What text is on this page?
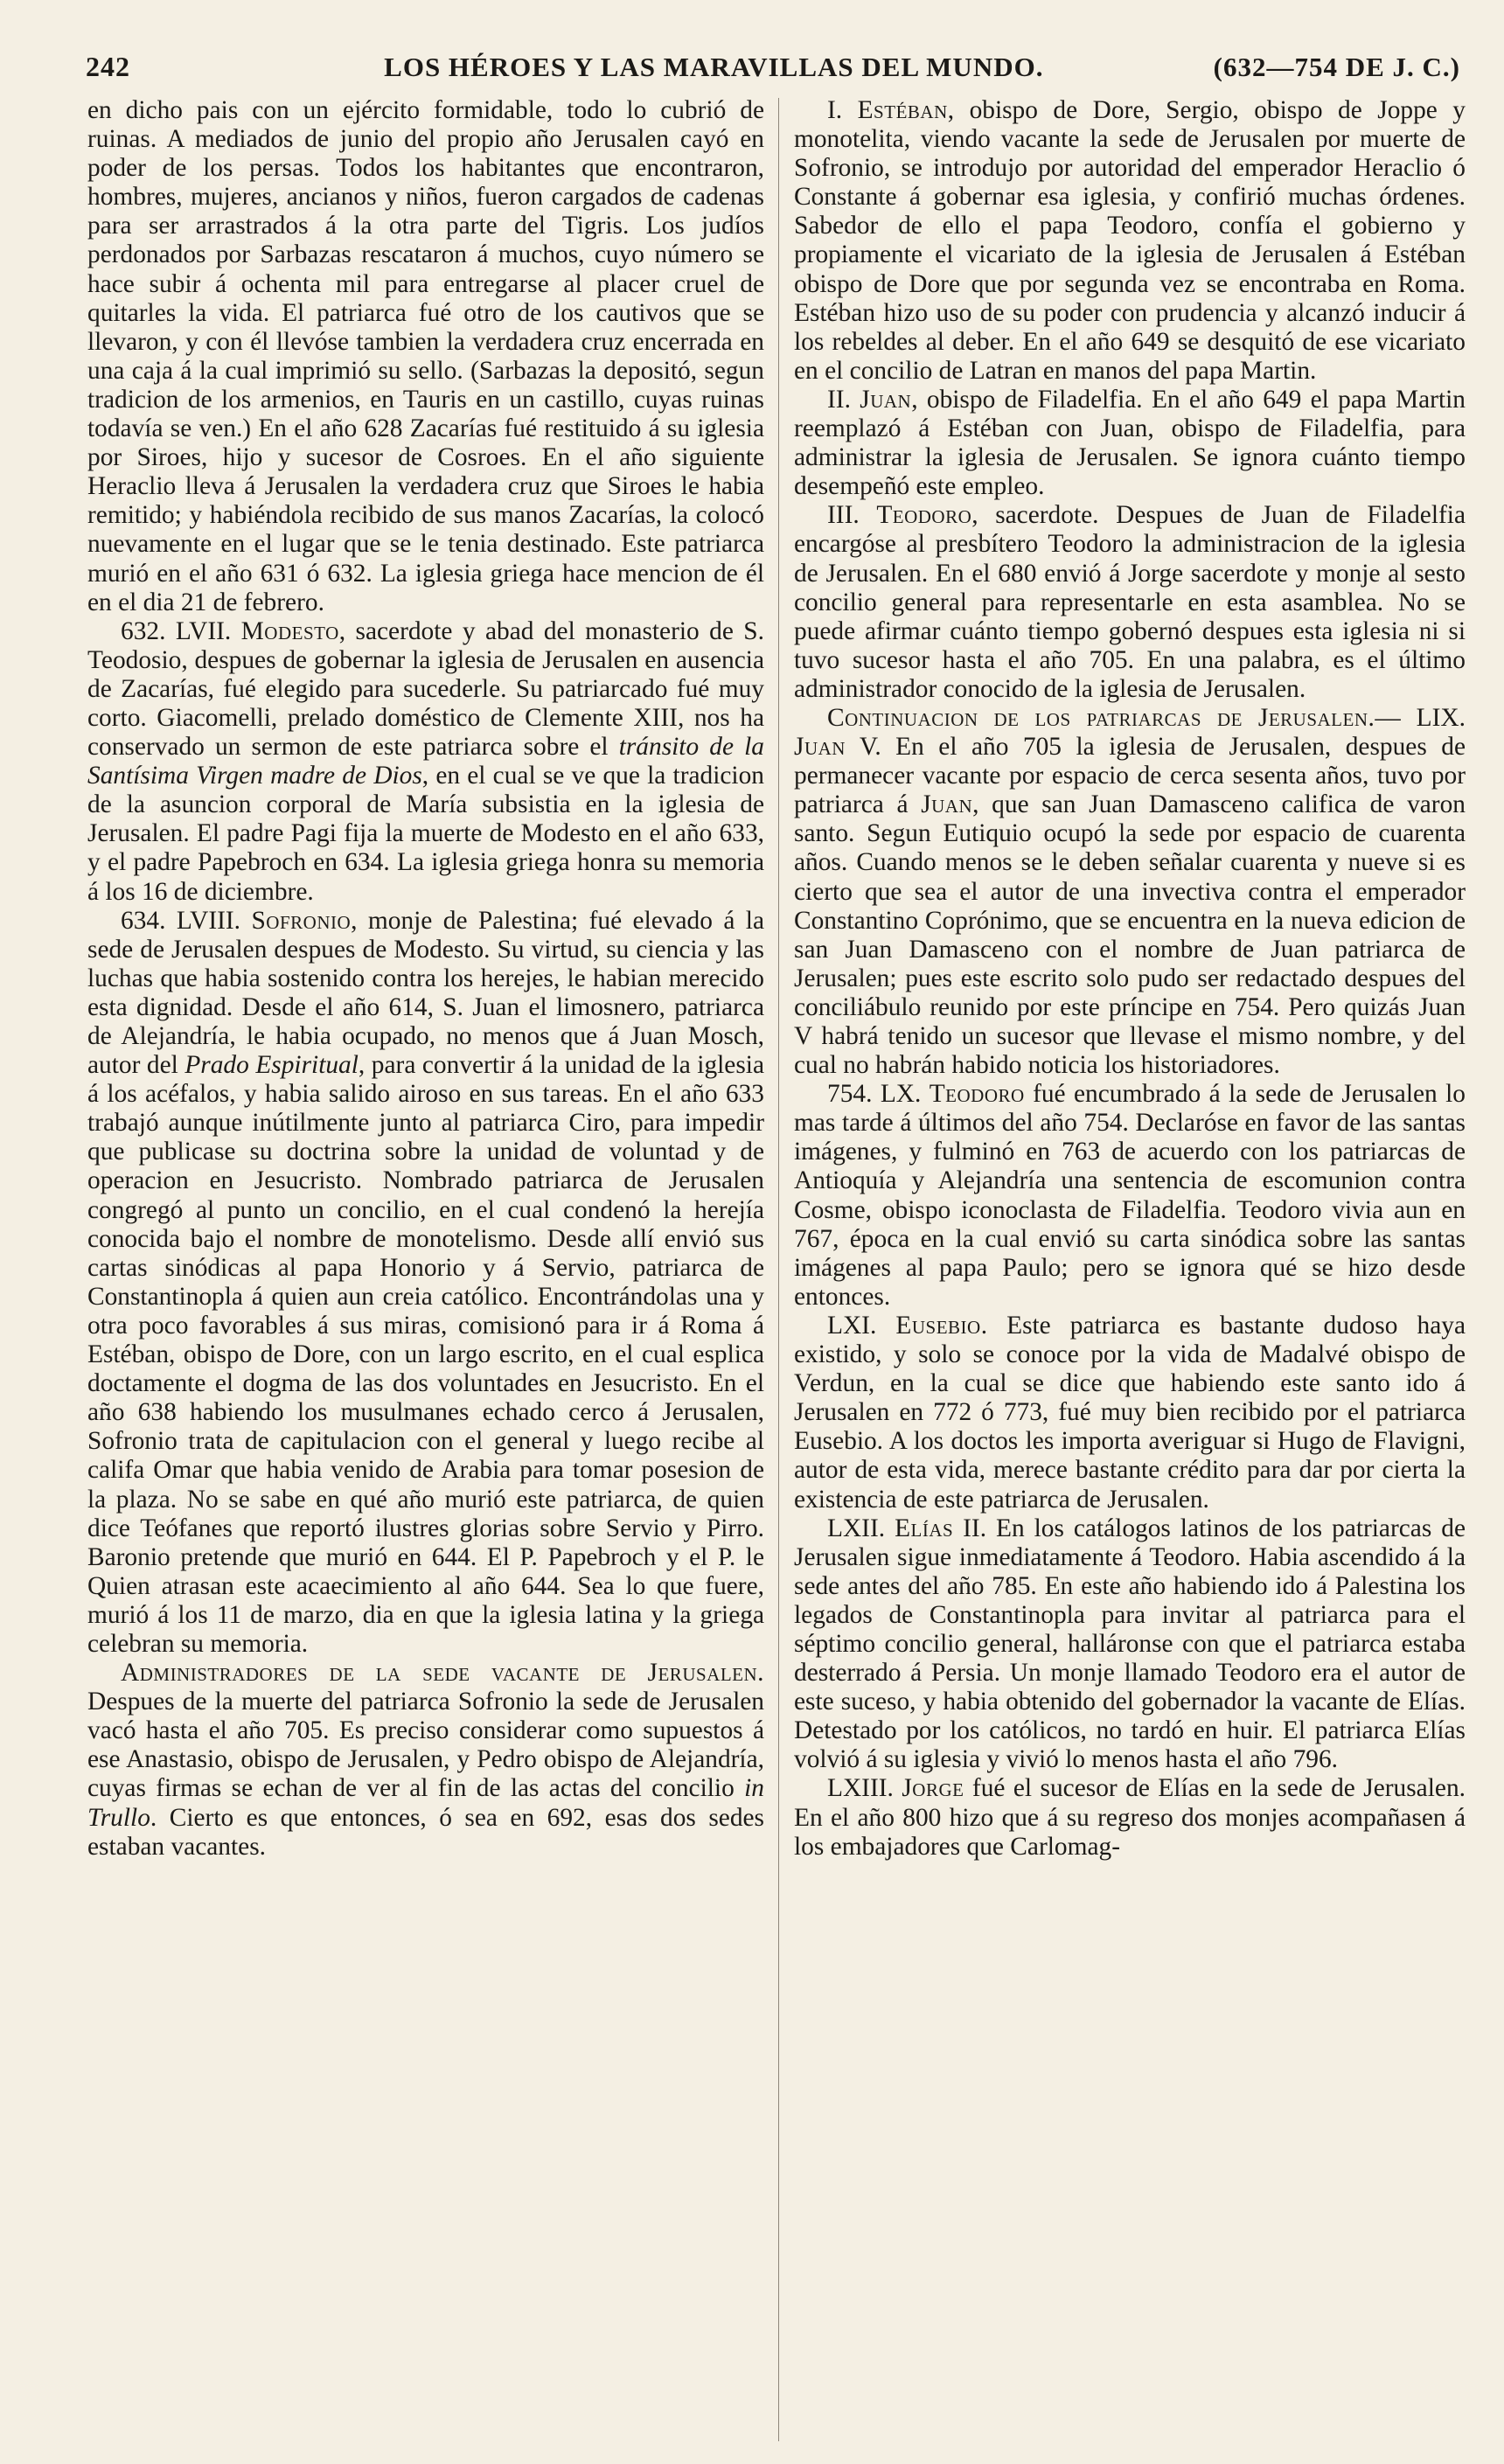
242	LOS HÉROES Y LAS MARAVILLAS DEL MUNDO.	(632—754 DE J. C.)

en dicho pais con un ejército formidable, todo lo cubrió de ruinas. A mediados de junio del propio año Jerusalen cayó en poder de los persas. Todos los habitantes que encontraron, hombres, mujeres, ancianos y niños, fueron cargados de cadenas para ser arrastrados á la otra parte del Tigris. Los judíos perdonados por Sarbazas rescataron á muchos, cuyo número se hace subir á ochenta mil para entregarse al placer cruel de quitarles la vida. El patriarca fué otro de los cautivos que se llevaron, y con él llevóse tambien la verdadera cruz encerrada en una caja á la cual imprimió su sello. (Sarbazas la depositó, segun tradicion de los armenios, en Tauris en un castillo, cuyas ruinas todavía se ven.) En el año 628 Zacarías fué restituido á su iglesia por Siroes, hijo y sucesor de Cosroes. En el año siguiente Heraclio lleva á Jerusalen la verdadera cruz que Siroes le habia remitido; y habiéndola recibido de sus manos Zacarías, la colocó nuevamente en el lugar que se le tenia destinado. Este patriarca murió en el año 631 ó 632. La iglesia griega hace mencion de él en el dia 21 de febrero.

632. LVII. Modesto, sacerdote y abad del monasterio de S. Teodosio, despues de gobernar la iglesia de Jerusalen en ausencia de Zacarías, fué elegido para sucederle. Su patriarcado fué muy corto. Giacomelli, prelado doméstico de Clemente XIII, nos ha conservado un sermon de este patriarca sobre el tránsito de la Santísima Virgen madre de Dios, en el cual se ve que la tradicion de la asuncion corporal de María subsistia en la iglesia de Jerusalen. El padre Pagi fija la muerte de Modesto en el año 633, y el padre Papebroch en 634. La iglesia griega honra su memoria á los 16 de diciembre.

634. LVIII. Sofronio, monje de Palestina; fué elevado á la sede de Jerusalen despues de Modesto. Su virtud, su ciencia y las luchas que habia sostenido contra los herejes, le habian merecido esta dignidad. Desde el año 614, S. Juan el limosnero, patriarca de Alejandría, le habia ocupado, no menos que á Juan Mosch, autor del Prado Espiritual, para convertir á la unidad de la iglesia á los acéfalos, y habia salido airoso en sus tareas. En el año 633 trabajó aunque inútilmente junto al patriarca Ciro, para impedir que publicase su doctrina sobre la unidad de voluntad y de operacion en Jesucristo. Nombrado patriarca de Jerusalen congregó al punto un concilio, en el cual condenó la herejía conocida bajo el nombre de monotelismo. Desde allí envió sus cartas sinódicas al papa Honorio y á Servio, patriarca de Constantinopla á quien aun creia católico. Encontrándolas una y otra poco favorables á sus miras, comisionó para ir á Roma á Estéban, obispo de Dore, con un largo escrito, en el cual esplica doctamente el dogma de las dos voluntades en Jesucristo. En el año 638 habiendo los musulmanes echado cerco á Jerusalen, Sofronio trata de capitulacion con el general y luego recibe al califa Omar que habia venido de Arabia para tomar posesion de la plaza. No se sabe en qué año murió este patriarca, de quien dice Teófanes que reportó ilustres glorias sobre Servio y Pirro. Baronio pretende que murió en 644. El P. Papebroch y el P. le Quien atrasan este acaecimiento al año 644. Sea lo que fuere, murió á los 11 de marzo, dia en que la iglesia latina y la griega celebran su memoria.

Administradores de la sede vacante de Jerusalen. Despues de la muerte del patriarca Sofronio la sede de Jerusalen vacó hasta el año 705. Es preciso considerar como supuestos á ese Anastasio, obispo de Jerusalen, y Pedro obispo de Alejandría, cuyas firmas se echan de ver al fin de las actas del concilio in Trullo. Cierto es que entonces, ó sea en 692, esas dos sedes estaban vacantes.

I. Estéban, obispo de Dore, Sergio, obispo de Joppe y monotelita, viendo vacante la sede de Jerusalen por muerte de Sofronio, se introdujo por autoridad del emperador Heraclio ó Constante á gobernar esa iglesia, y confirió muchas órdenes. Sabedor de ello el papa Teodoro, confía el gobierno y propiamente el vicariato de la iglesia de Jerusalen á Estéban obispo de Dore que por segunda vez se encontraba en Roma. Estéban hizo uso de su poder con prudencia y alcanzó inducir á los rebeldes al deber. En el año 649 se desquitó de ese vicariato en el concilio de Latran en manos del papa Martin.

II. Juan, obispo de Filadelfia. En el año 649 el papa Martin reemplazó á Estéban con Juan, obispo de Filadelfia, para administrar la iglesia de Jerusalen. Se ignora cuánto tiempo desempeñó este empleo.

III. Teodoro, sacerdote. Despues de Juan de Filadelfia encargóse al presbítero Teodoro la administracion de la iglesia de Jerusalen. En el 680 envió á Jorge sacerdote y monje al sesto concilio general para representarle en esta asamblea. No se puede afirmar cuánto tiempo gobernó despues esta iglesia ni si tuvo sucesor hasta el año 705. En una palabra, es el último administrador conocido de la iglesia de Jerusalen.

Continuacion de los patriarcas de Jerusalen.— LIX. Juan V. En el año 705 la iglesia de Jerusalen, despues de permanecer vacante por espacio de cerca sesenta años, tuvo por patriarca á Juan, que san Juan Damasceno califica de varon santo. Segun Eutiquio ocupó la sede por espacio de cuarenta años. Cuando menos se le deben señalar cuarenta y nueve si es cierto que sea el autor de una invectiva contra el emperador Constantino Coprónimo, que se encuentra en la nueva edicion de san Juan Damasceno con el nombre de Juan patriarca de Jerusalen; pues este escrito solo pudo ser redactado despues del conciliábulo reunido por este príncipe en 754. Pero quizás Juan V habrá tenido un sucesor que llevase el mismo nombre, y del cual no habrán habido noticia los historiadores.

754. LX. Teodoro fué encumbrado á la sede de Jerusalen lo mas tarde á últimos del año 754. Declaróse en favor de las santas imágenes, y fulminó en 763 de acuerdo con los patriarcas de Antioquía y Alejandría una sentencia de escomunion contra Cosme, obispo iconoclasta de Filadelfia. Teodoro vivia aun en 767, época en la cual envió su carta sinódica sobre las santas imágenes al papa Paulo; pero se ignora qué se hizo desde entonces.

LXI. Eusebio. Este patriarca es bastante dudoso haya existido, y solo se conoce por la vida de Madalvé obispo de Verdun, en la cual se dice que habiendo este santo ido á Jerusalen en 772 ó 773, fué muy bien recibido por el patriarca Eusebio. A los doctos les importa averiguar si Hugo de Flavigni, autor de esta vida, merece bastante crédito para dar por cierta la existencia de este patriarca de Jerusalen.

LXII. Elías II. En los catálogos latinos de los patriarcas de Jerusalen sigue inmediatamente á Teodoro. Habia ascendido á la sede antes del año 785. En este año habiendo ido á Palestina los legados de Constantinopla para invitar al patriarca para el séptimo concilio general, halláronse con que el patriarca estaba desterrado á Persia. Un monje llamado Teodoro era el autor de este suceso, y habia obtenido del gobernador la vacante de Elías. Detestado por los católicos, no tardó en huir. El patriarca Elías volvió á su iglesia y vivió lo menos hasta el año 796.

LXIII. Jorge fué el sucesor de Elías en la sede de Jerusalen. En el año 800 hizo que á su regreso dos monjes acompañasen á los embajadores que Carlomag-
